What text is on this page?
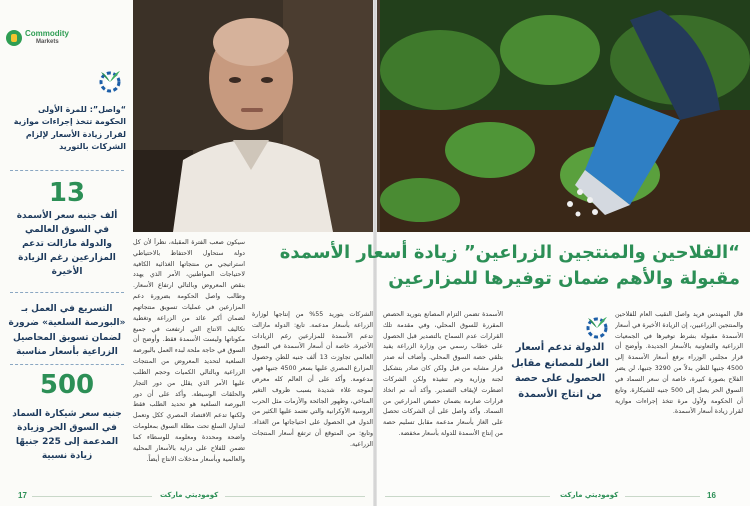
Commodity
Markets
“واصل”: للمرة الأولى الحكومة تتخذ إجراءات موازية لقرار زيادة الأسعار لإلزام الشركات بالتوريد
13
ألف جنيه سعر الأسمدة في السوق العالمي والدولة مازالت تدعم المزارعين رغم الزيادة الأخيرة
التسريع في العمل بـ «البورصة السلعية» ضرورة لضمان تسويق المحاصيل الزراعية بأسعار مناسبة
500
جنيه سعر شيكارة السماد في السوق الحر وزيادة المدعمة إلى 225 جنيهًا زيادة نسبية
“الفلاحين والمنتجين الزراعين” زيادة أسعار الأسمدة
مقبولة والأهم ضمان توفيرها للمزارعين
سيكون صعب الفترة المقبلة، نظراً لأن كل دولة ستحاول الاحتفاظ بالاحتياطي استراتيجي من منتجاتها الغذائية الكافية لاحتياجات المواطنين، الأمر الذي يهدد بنقص المعروض وبالتالي ارتفاع الأسعار. وطالب واصل الحكومة بضرورة دعم المزارعين في عمليات تسويق منتجاتهم لضمان أكبر عائد من الزراعة وتغطية تكاليف الانتاج التي ارتفعت في جميع مكوناتها وليست الأسمدة فقط. وأوضح أن السوق في حاجة ملحة لبدء العمل بالبورصة السلعية لتحديد المعروض من المنتجات الزراعية وبالتالي الكميات وحجم الطلب عليها الأمر الذي يقلل من دور التجار والحلقات الوسيطة. وأكد على أن دور البورصة السلعية هو تحديد الطلب فقط ولكنها تدعم الاقتصاد المصري ككل وتعمل لتداول السلع تحت مظلة السوق بمعلومات واضحة ومحددة ومعلومة للوسطاء كما تضمن للفلاح على دراية بالأسعار المحلية والعالمية وبأسعار مدخلات الانتاج أيضاً.
الشركات بتوريد 55% من إنتاجها لوزارة الزراعة بأسعار مدعمة. تابع: الدولة مازالت تدعم الأسمدة للمزارعين رغم الزيادات الأخيرة، خاصة أن أسعار الأسمدة في السوق العالمي تجاوزت 13 ألف جنيه للطن وحصول المزارع المصري عليها بسعر 4500 جنيها فهي مدعومة. وأكد على أن العالم كله معرض لموجة غلاء شديدة بسبب ظروف التغير المناخي، وظهور الجائحة والأزمات مثل الحرب الروسية الأوكرانية والتي تعتمد عليها الكثير من الدول في الحصول على احتياجاتها من الغذاء. وتابع: من المتوقع أن ترتفع أسعار المنتجات الزراعية.
الأسمدة تضمن التزام المصانع بتوريد الحصص المقررة للسوق المحلي، وفي مقدمة تلك القرارات عدم السماح بالتصدير قبل الحصول على خطاب رسمي من وزارة الزراعة يفيد بتلقي حصة السوق المحلي. وأضاف أنه صدر قرار مشابه من قبل ولكن كان صادر بتشكيل لجنة وزارية وتم تنفيذه ولكن الشركات اضطرت لإيقاف التصدير. وأكد أنه تم اتخاذ قرارات صارمة بضمان حصص المزارعين من السماد. وأكد واصل على أن الشركات تحصل على الغاز بأسعار مدعمة مقابل تسليم حصة من إنتاج الأسمدة للدولة بأسعار مخفضة.
قال المهندس فريد واصل النقيب العام للفلاحين والمنتجين الزراعيين، إن الزيادة الأخيرة في أسعار الأسمدة مقبولة بشرط توفيرها في الجمعيات الزراعية والتعاونية بالأسعار الجديدة. وأوضح أن قرار مجلس الوزراء برفع أسعار الأسمدة إلى 4500 جنيها للطن بدلاً من 3290 جنيها، لن يضر الفلاح بصورة كبيرة، خاصة أن سعر السماد في السوق الحر يصل إلى 500 جنيه للشيكارة. وتابع أن الحكومة ولأول مرة تتخذ إجراءات موازية لقرار زيادة أسعار الأسمدة.
الدولة تدعم أسعار الغاز للمصانع مقابل الحصول على حصة من انتاج الأسمدة
17	كوموديتي ماركت	كوموديتي ماركت	16
